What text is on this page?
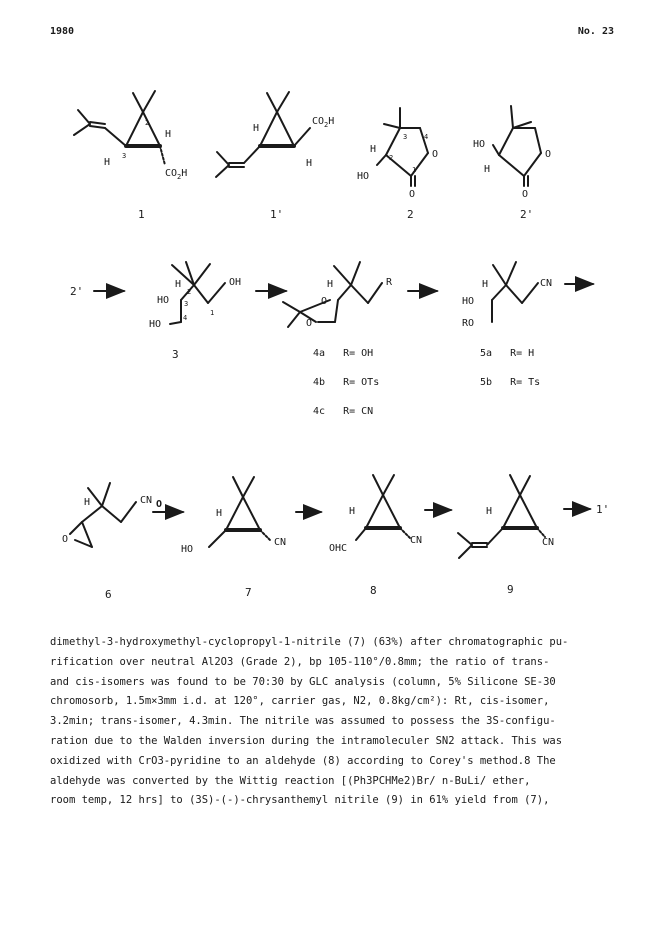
1980	No. 23
O
H
H
2
3
$CO_2H$
1
H
H
$CO_2H$
1'
H
HO
O
O
3 4
2
1
2
HO
H
O
O
2'
2'
H
HO
HO
OH
2
3
1
4
3
H
O
O
R
4a   R= OH
4b   R= OTs
4c   R= CN
H
HO
RO
CN
5a   R= H
5b   R= Ts
H
O
CN
6
H
HO
CN
7
H
OHC
CN
8
H
CN
9
1'
dimethyl-3-hydroxymethyl-cyclopropyl-1-nitrile (7) (63%) after chromatographic pu-
rification over neutral Al2O3 (Grade 2), bp 105-110°/0.8mm; the ratio of trans-
and cis-isomers was found to be 70:30 by GLC analysis (column, 5% Silicone SE-30
chromosorb, 1.5m×3mm i.d. at 120°, carrier gas, N2, 0.8kg/cm²): Rt, cis-isomer,
3.2min; trans-isomer, 4.3min. The nitrile was assumed to possess the 3S-configu-
ration due to the Walden inversion during the intramoleculer SN2 attack. This was
oxidized with CrO3-pyridine to an aldehyde (8) according to Corey's method.8 The
aldehyde was converted by the Wittig reaction [(Ph3PCHMe2)Br/ n-BuLi/ ether,
room temp, 12 hrs] to (3S)-(-)-chrysanthemyl nitrile (9) in 61% yield from (7),
